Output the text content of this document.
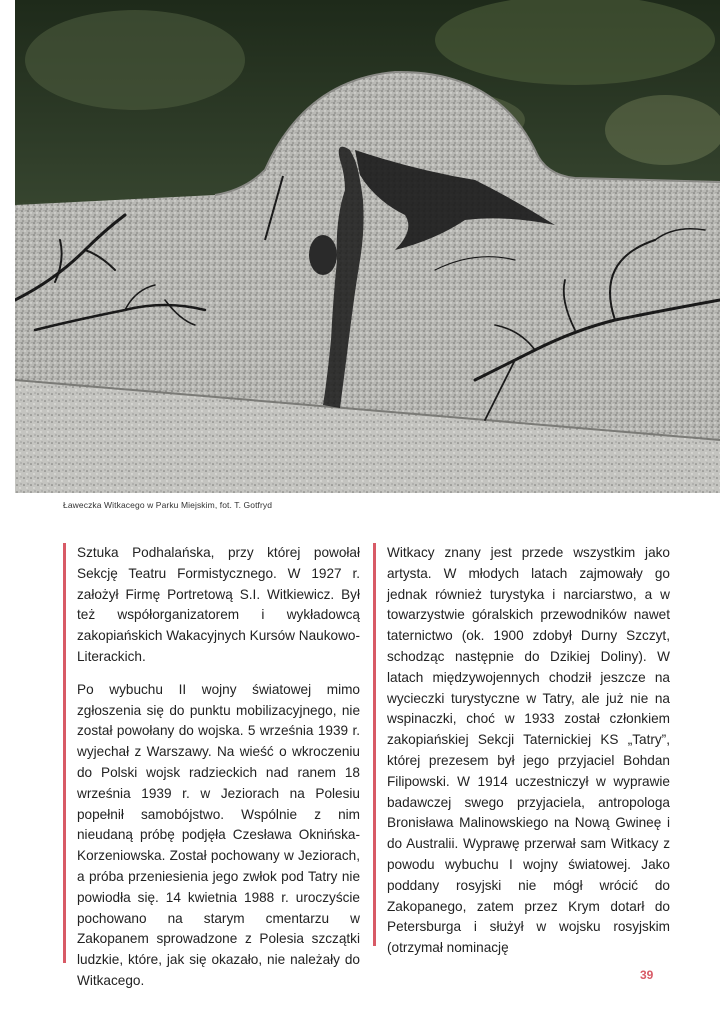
Ławeczka Witkacego w Parku Miejskim, fot. T. Gotfryd

Sztuka Podhalańska, przy której powołał Sekcję Teatru Formistycznego. W 1927 r. założył Firmę Portretową S.I. Witkiewicz. Był też współorganizatorem i wykładowcą zakopiańskich Wakacyjnych Kursów Naukowo-Literackich.

Po wybuchu II wojny światowej mimo zgłoszenia się do punktu mobilizacyjnego, nie został powołany do wojska. 5 września 1939 r. wyjechał z Warszawy. Na wieść o wkroczeniu do Polski wojsk radzieckich nad ranem 18 września 1939 r. w Jeziorach na Polesiu popełnił samobójstwo. Wspólnie z nim nieudaną próbę podjęła Czesława Oknińska-Korzeniowska. Został pochowany w Jeziorach, a próba przeniesienia jego zwłok pod Tatry nie powiodła się. 14 kwietnia 1988 r. uroczyście pochowano na starym cmentarzu w Zakopanem sprowadzone z Polesia szczątki ludzkie, które, jak się okazało, nie należały do Witkacego.

Witkacy znany jest przede wszystkim jako artysta. W młodych latach zajmowały go jednak również turystyka i narciarstwo, a w towarzystwie góralskich przewodników nawet taternictwo (ok. 1900 zdobył Durny Szczyt, schodząc następnie do Dzikiej Doliny). W latach międzywojennych chodził jeszcze na wycieczki turystyczne w Tatry, ale już nie na wspinaczki, choć w 1933 został członkiem zakopiańskiej Sekcji Taternickiej KS „Tatry”, której prezesem był jego przyjaciel Bohdan Filipowski. W 1914 uczestniczył w wyprawie badawczej swego przyjaciela, antropologa Bronisława Malinowskiego na Nową Gwineę i do Australii. Wyprawę przerwał sam Witkacy z powodu wybuchu I wojny światowej. Jako poddany rosyjski nie mógł wrócić do Zakopanego, zatem przez Krym dotarł do Petersburga i służył w wojsku rosyjskim (otrzymał nominację

39
